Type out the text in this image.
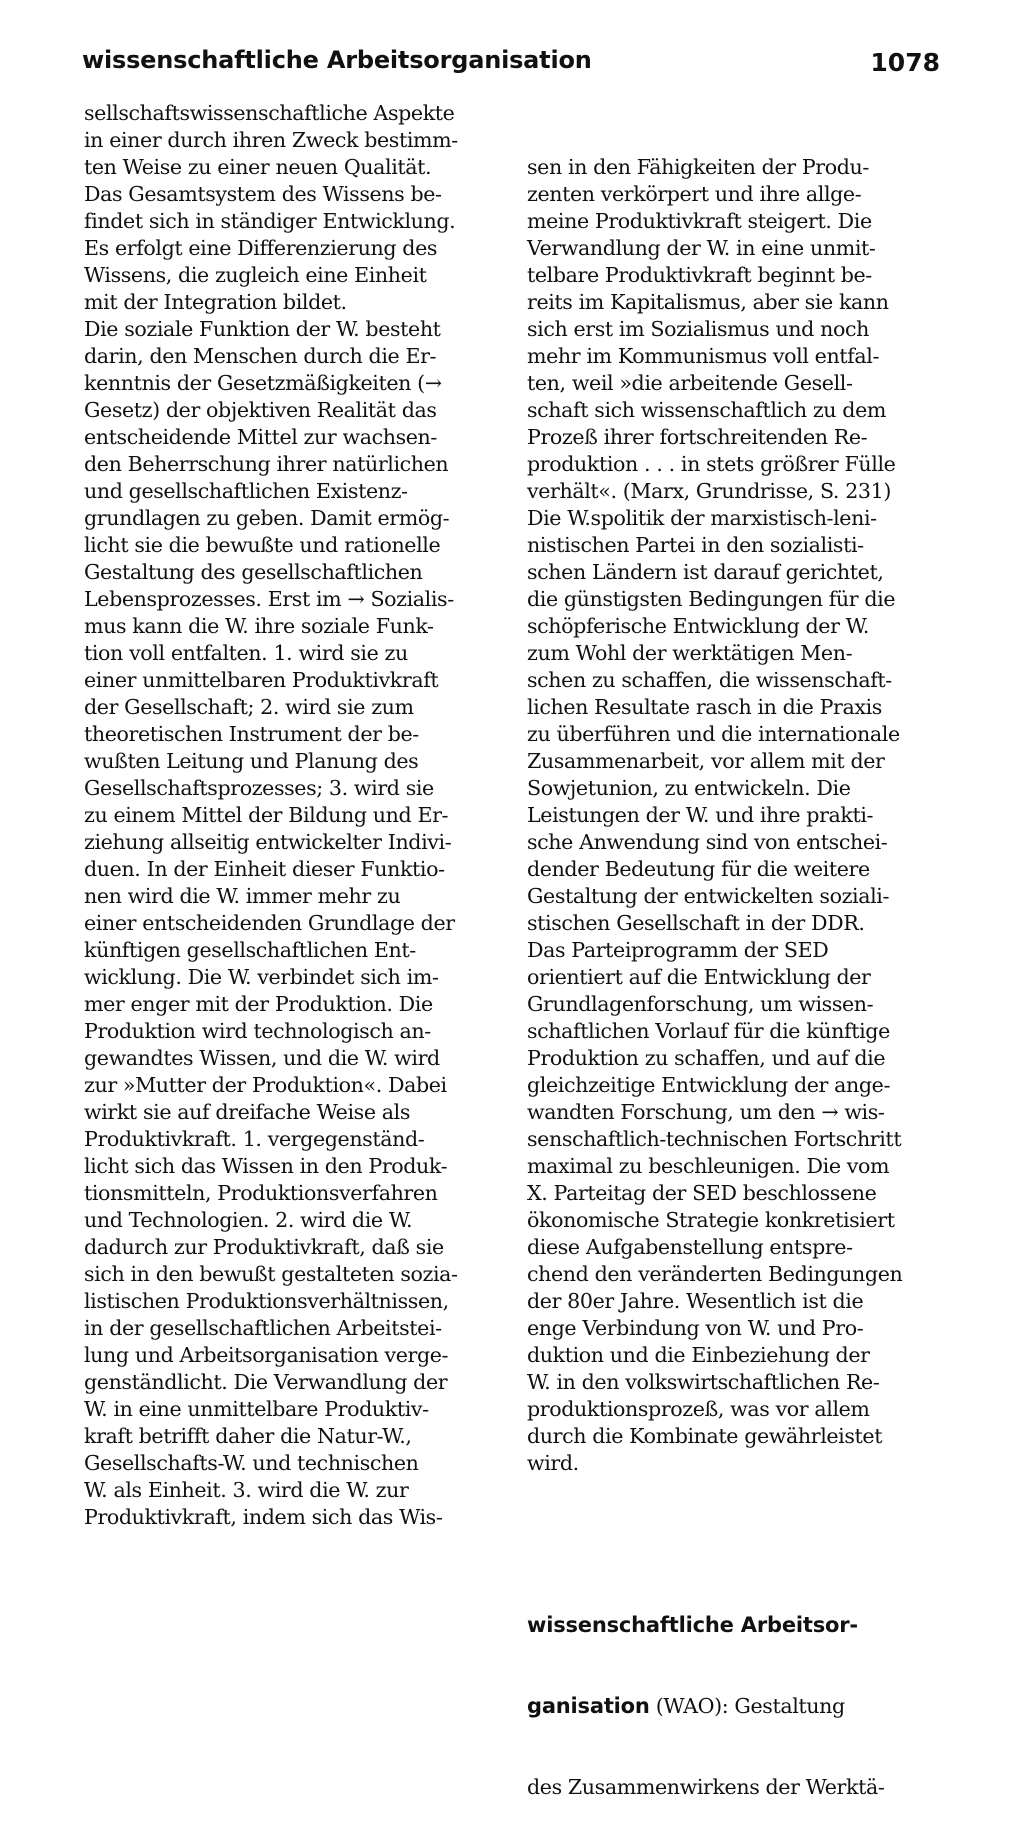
wissenschaftliche Arbeitsorganisation	1078
sellschaftswissenschaftliche Aspekte
in einer durch ihren Zweck bestimm-
ten Weise zu einer neuen Qualität.
Das Gesamtsystem des Wissens be-
findet sich in ständiger Entwicklung.
Es erfolgt eine Differenzierung des
Wissens, die zugleich eine Einheit
mit der Integration bildet.
Die soziale Funktion der W. besteht
darin, den Menschen durch die Er-
kenntnis der Gesetzmäßigkeiten (→
Gesetz) der objektiven Realität das
entscheidende Mittel zur wachsen-
den Beherrschung ihrer natürlichen
und gesellschaftlichen Existenz-
grundlagen zu geben. Damit ermög-
licht sie die bewußte und rationelle
Gestaltung des gesellschaftlichen
Lebensprozesses. Erst im → Sozialis-
mus kann die W. ihre soziale Funk-
tion voll entfalten. 1. wird sie zu
einer unmittelbaren Produktivkraft
der Gesellschaft; 2. wird sie zum
theoretischen Instrument der be-
wußten Leitung und Planung des
Gesellschaftsprozesses; 3. wird sie
zu einem Mittel der Bildung und Er-
ziehung allseitig entwickelter Indivi-
duen. In der Einheit dieser Funktio-
nen wird die W. immer mehr zu
einer entscheidenden Grundlage der
künftigen gesellschaftlichen Ent-
wicklung. Die W. verbindet sich im-
mer enger mit der Produktion. Die
Produktion wird technologisch an-
gewandtes Wissen, und die W. wird
zur »Mutter der Produktion«. Dabei
wirkt sie auf dreifache Weise als
Produktivkraft. 1. vergegenständ-
licht sich das Wissen in den Produk-
tionsmitteln, Produktionsverfahren
und Technologien. 2. wird die W.
dadurch zur Produktivkraft, daß sie
sich in den bewußt gestalteten sozia-
listischen Produktionsverhältnissen,
in der gesellschaftlichen Arbeitstei-
lung und Arbeitsorganisation verge-
genständlicht. Die Verwandlung der
W. in eine unmittelbare Produktiv-
kraft betrifft daher die Natur-W.,
Gesellschafts-W. und technischen
W. als Einheit. 3. wird die W. zur
Produktivkraft, indem sich das Wis-

sen in den Fähigkeiten der Produ-
zenten verkörpert und ihre allge-
meine Produktivkraft steigert. Die
Verwandlung der W. in eine unmit-
telbare Produktivkraft beginnt be-
reits im Kapitalismus, aber sie kann
sich erst im Sozialismus und noch
mehr im Kommunismus voll entfal-
ten, weil »die arbeitende Gesell-
schaft sich wissenschaftlich zu dem
Prozeß ihrer fortschreitenden Re-
produktion . . . in stets größrer Fülle
verhält«. (Marx, Grundrisse, S. 231)
Die W.spolitik der marxistisch-leni-
nistischen Partei in den sozialisti-
schen Ländern ist darauf gerichtet,
die günstigsten Bedingungen für die
schöpferische Entwicklung der W.
zum Wohl der werktätigen Men-
schen zu schaffen, die wissenschaft-
lichen Resultate rasch in die Praxis
zu überführen und die internationale
Zusammenarbeit, vor allem mit der
Sowjetunion, zu entwickeln. Die
Leistungen der W. und ihre prakti-
sche Anwendung sind von entschei-
dender Bedeutung für die weitere
Gestaltung der entwickelten soziali-
stischen Gesellschaft in der DDR.
Das Parteiprogramm der SED
orientiert auf die Entwicklung der
Grundlagenforschung, um wissen-
schaftlichen Vorlauf für die künftige
Produktion zu schaffen, und auf die
gleichzeitige Entwicklung der ange-
wandten Forschung, um den → wis-
senschaftlich-technischen Fortschritt
maximal zu beschleunigen. Die vom
X. Parteitag der SED beschlossene
ökonomische Strategie konkretisiert
diese Aufgabenstellung entspre-
chend den veränderten Bedingungen
der 80er Jahre. Wesentlich ist die
enge Verbindung von W. und Pro-
duktion und die Einbeziehung der
W. in den volkswirtschaftlichen Re-
produktionsprozeß, was vor allem
durch die Kombinate gewährleistet
wird.

wissenschaftliche Arbeitsor-

ganisation (WAO): Gestaltung

des Zusammenwirkens der Werktä-
